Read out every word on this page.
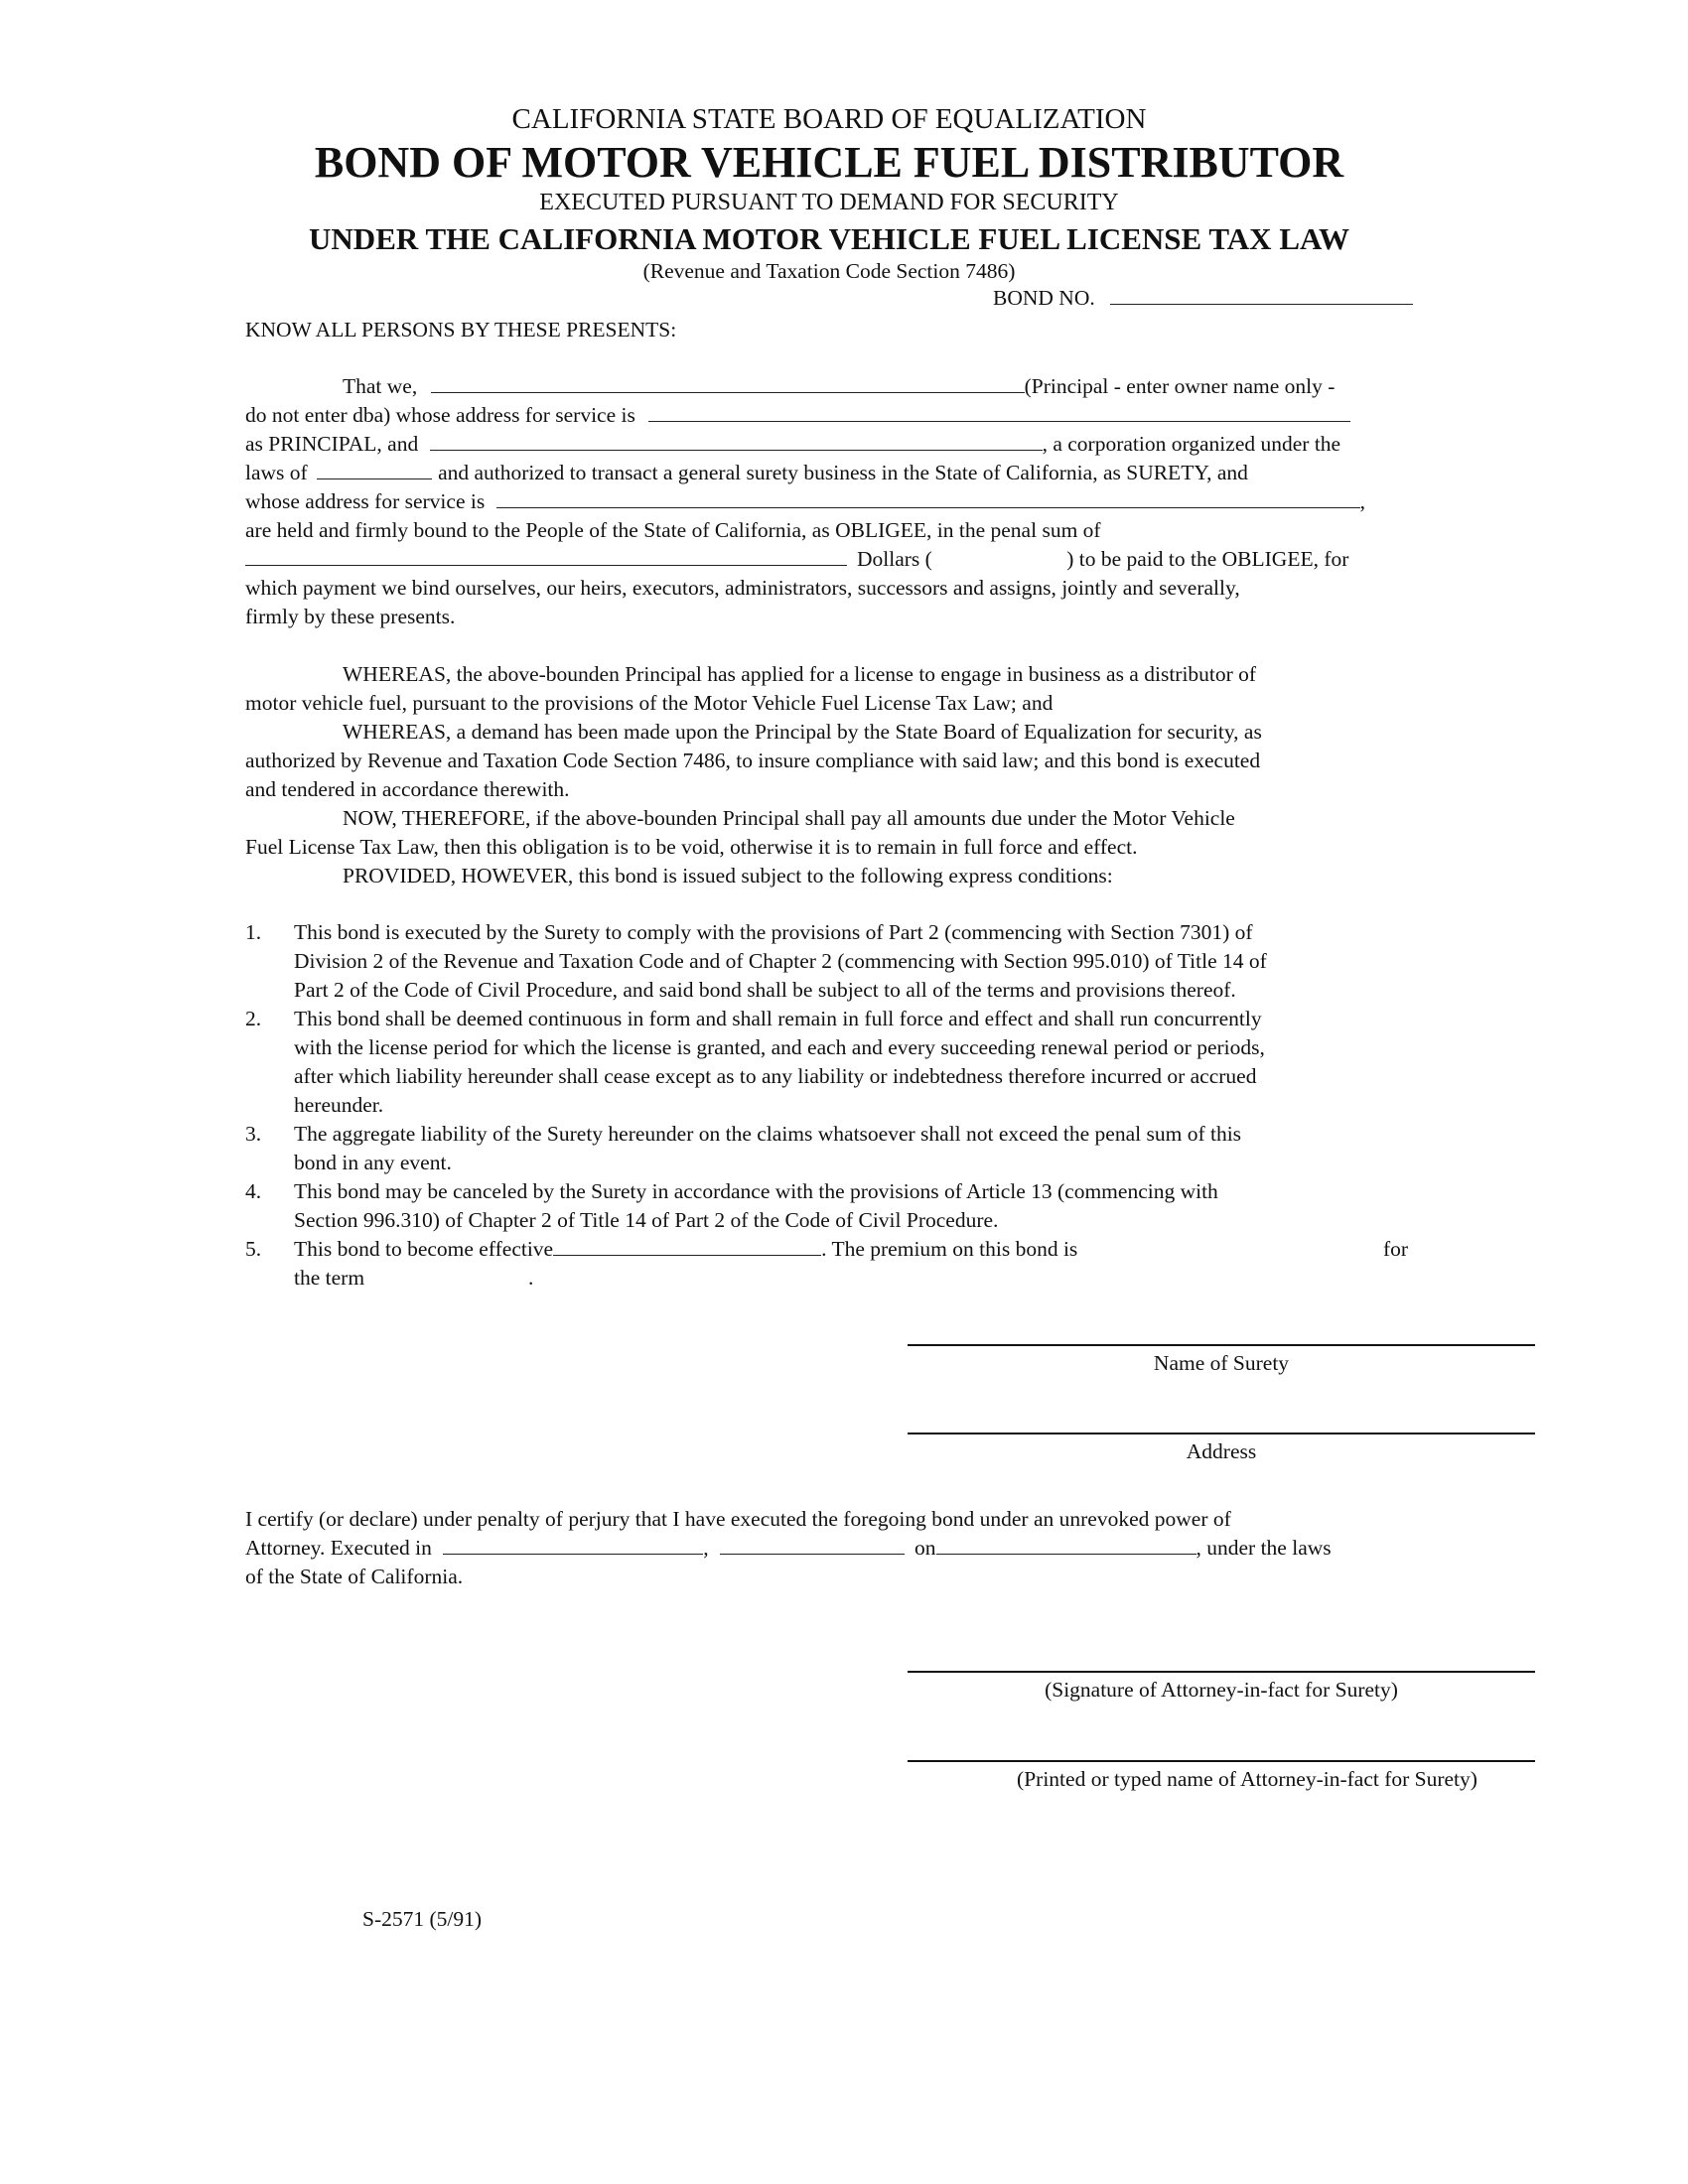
CALIFORNIA STATE BOARD OF EQUALIZATION
BOND OF MOTOR VEHICLE FUEL DISTRIBUTOR
EXECUTED PURSUANT TO DEMAND FOR SECURITY
UNDER THE CALIFORNIA MOTOR VEHICLE FUEL LICENSE TAX LAW
(Revenue and Taxation Code Section 7486)
BOND NO.
KNOW ALL PERSONS BY THESE PRESENTS:
That we,	(Principal - enter owner name only -
do not enter dba) whose address for service is
as PRINCIPAL, and	, a corporation organized under the
laws of	and authorized to transact a general surety business in the State of California, as SURETY, and
whose address for service is	,
are held and firmly bound to the People of the State of California, as OBLIGEE, in the penal sum of
Dollars (	) to be paid to the OBLIGEE, for
which payment we bind ourselves, our heirs, executors, administrators, successors and assigns, jointly and severally,
firmly by these presents.
WHEREAS, the above-bounden Principal has applied for a license to engage in business as a distributor of
motor vehicle fuel, pursuant to the provisions of the Motor Vehicle Fuel License Tax Law; and
WHEREAS, a demand has been made upon the Principal by the State Board of Equalization for security, as
authorized by Revenue and Taxation Code Section 7486, to insure compliance with said law; and this bond is executed
and tendered in accordance therewith.
NOW, THEREFORE, if the above-bounden Principal shall pay all amounts due under the Motor Vehicle
Fuel License Tax Law, then this obligation is to be void, otherwise it is to remain in full force and effect.
PROVIDED, HOWEVER, this bond is issued subject to the following express conditions:
1. This bond is executed by the Surety to comply with the provisions of Part 2 (commencing with Section 7301) of
Division 2 of the Revenue and Taxation Code and of Chapter 2 (commencing with Section 995.010) of Title 14 of
Part 2 of the Code of Civil Procedure, and said bond shall be subject to all of the terms and provisions thereof.
2. This bond shall be deemed continuous in form and shall remain in full force and effect and shall run concurrently
with the license period for which the license is granted, and each and every succeeding renewal period or periods,
after which liability hereunder shall cease except as to any liability or indebtedness therefore incurred or accrued
hereunder.
3. The aggregate liability of the Surety hereunder on the claims whatsoever shall not exceed the penal sum of this
bond in any event.
4. This bond may be canceled by the Surety in accordance with the provisions of Article 13 (commencing with
Section 996.310) of Chapter 2 of Title 14 of Part 2 of the Code of Civil Procedure.
5. This bond to become effective	. The premium on this bond is	for
the term	.
Name of Surety
Address
I certify (or declare) under penalty of perjury that I have executed the foregoing bond under an unrevoked power of
Attorney. Executed in	,	on	, under the laws
of the State of California.
(Signature of Attorney-in-fact for Surety)
(Printed or typed name of Attorney-in-fact for Surety)
S-2571 (5/91)
